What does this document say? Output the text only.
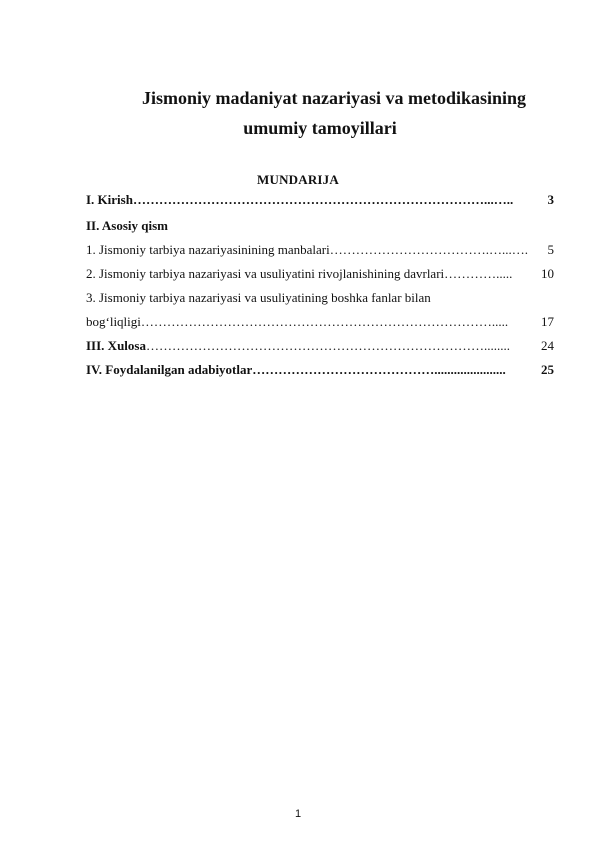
Jismoniy madaniyat nazariyasi va metodikasining
umumiy tamoyillari
MUNDARIJA
I. Kirish………………………………………………………………………...…..	3
II. Asosiy qism
1. Jismoniy tarbiya nazariyasinining manbalari……………………………….…...…. 5
2. Jismoniy tarbiya nazariyasi va usuliyatini rivojlanishining davrlari…………..... 10
3. Jismoniy tarbiya nazariyasi va usuliyatining boshka fanlar bilan
bog‘liqligi……………………………………………………………………….....	17
III. Xulosa……………………………………………………………………........ 24
IV. Foydalanilgan adabiyotlar……………………………………......................	25
1
